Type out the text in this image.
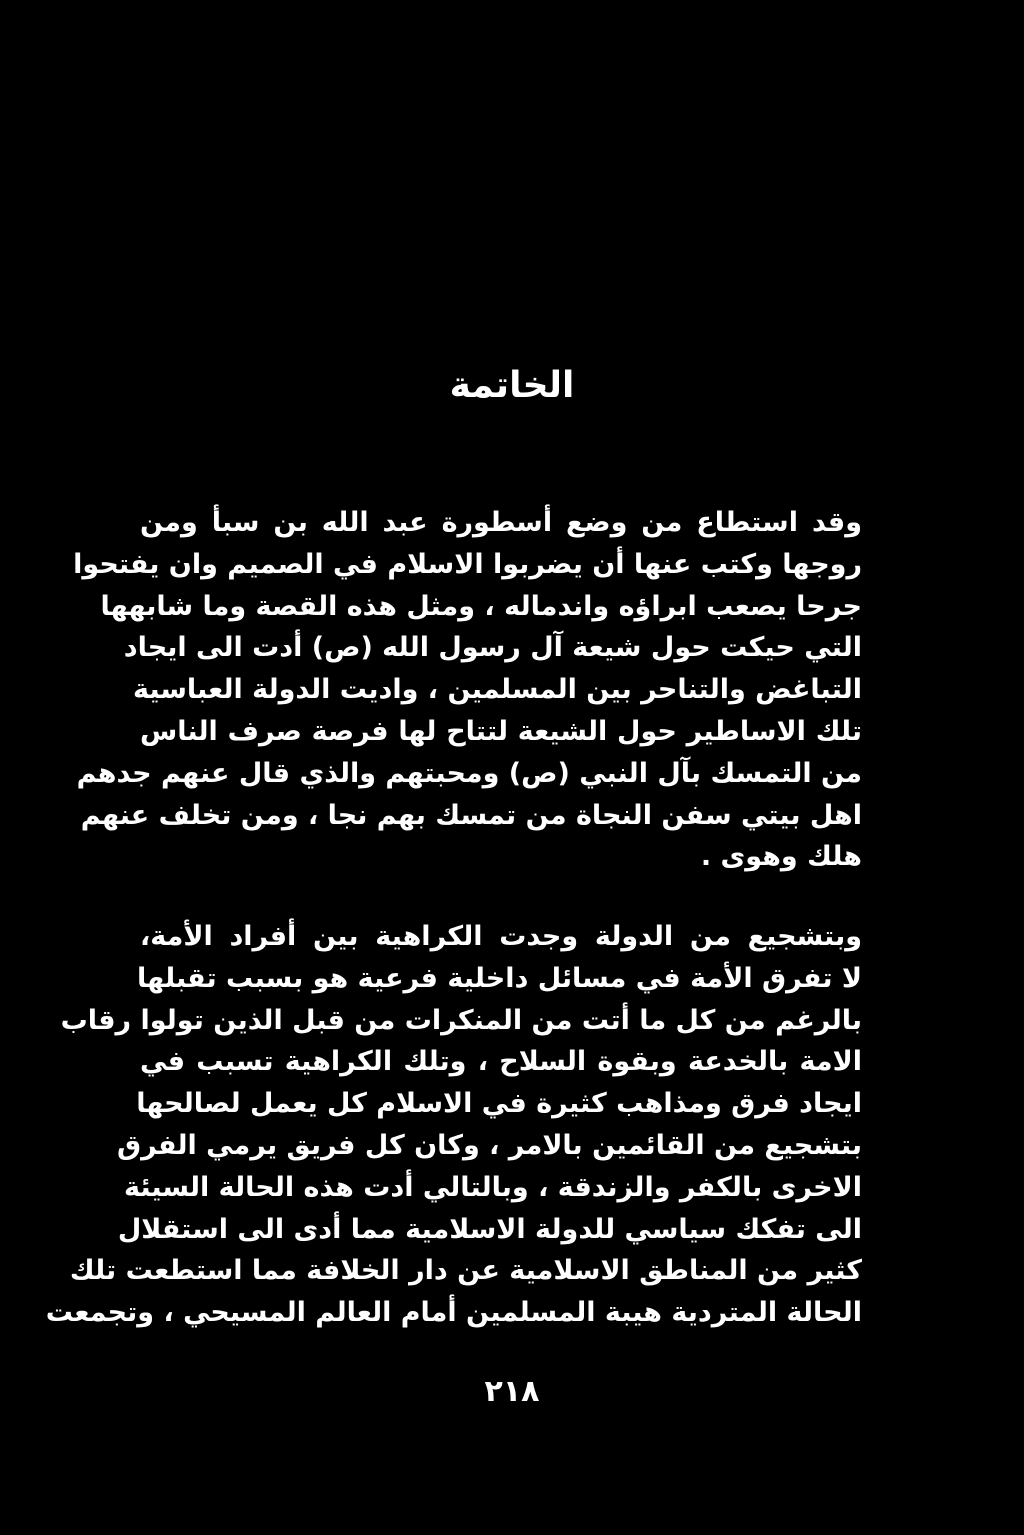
الخاتمة
وقد استطاع من وضع أسطورة عبد الله بن سبأ ومن
روجها وكتب عنها أن يضربوا الاسلام في الصميم وان يفتحوا
جرحا يصعب ابراؤه واندماله ، ومثل هذه القصة وما شابهها
التي حيكت حول شيعة آل رسول الله (ص) أدت الى ايجاد
التباغض والتناحر بين المسلمين ، واديت الدولة العباسية
تلك الاساطير حول الشيعة لتتاح لها فرصة صرف الناس
من التمسك بآل النبي (ص) ومحبتهم والذي قال عنهم جدهم
اهل بيتي سفن النجاة من تمسك بهم نجا ، ومن تخلف عنهم
هلك وهوى .
وبتشجيع من الدولة وجدت الكراهية بين أفراد الأمة،
لا تفرق الأمة في مسائل داخلية فرعية هو بسبب تقبلها
بالرغم من كل ما أتت من المنكرات من قبل الذين تولوا رقاب
الامة بالخدعة وبقوة السلاح ، وتلك الكراهية تسبب في
ايجاد فرق ومذاهب كثيرة في الاسلام كل يعمل لصالحها
بتشجيع من القائمين بالامر ، وكان كل فريق يرمي الفرق
الاخرى بالكفر والزندقة ، وبالتالي أدت هذه الحالة السيئة
الى تفكك سياسي للدولة الاسلامية مما أدى الى استقلال
كثير من المناطق الاسلامية عن دار الخلافة مما استطعت تلك
الحالة المتردية هيبة المسلمين أمام العالم المسيحي ، وتجمعت
٢١٨
